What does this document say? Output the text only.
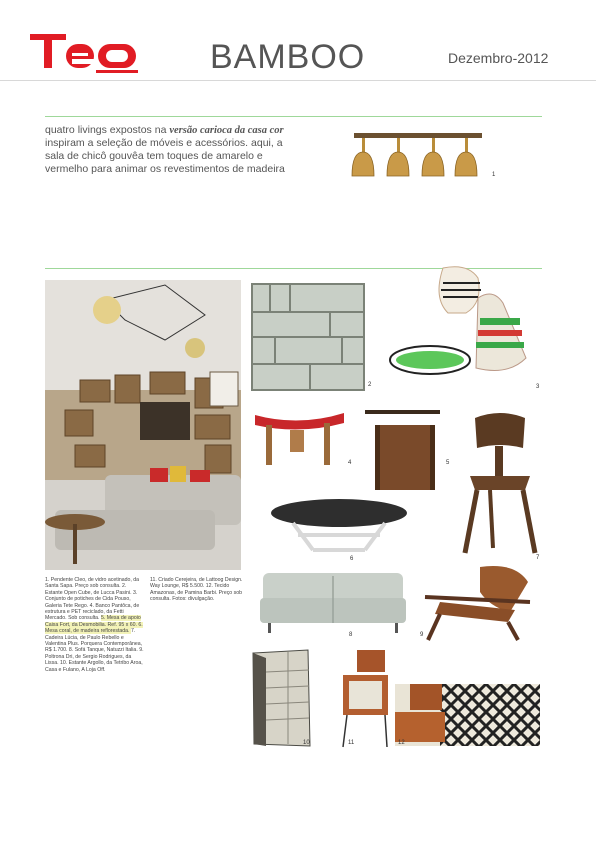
BAMBOO	Dezembro-2012
quatro livings expostos na versão carioca da casa cor inspiram a seleção de móveis e acessórios. aqui, a sala de chicô gouvêa tem toques de amarelo e vermelho para animar os revestimentos de madeira	1
2	3
4	5
7
6
8	9
10	11	12
1. Pendente Cleo, de vidro acetinado, da Santa Sapa. Preço sob consulta. 2. Estante Open Cube, de Lucca Pasini. 3. Conjunto de potiches de Cida Pouso, Galeria Tete Rego. 4. Banco Pantôca, de estrutura e PET reciclado, da Fetti Mercado. Sob consulta. 5. Mesa de apoio Caixa Fort, da Desmobilia. Ref. 95 x 60. 6. Mesa coral, de madeira reflorestada. 7. Cadeira Lúcia, de Paulo Rebello e Valentina Plus. Porquera Contemporânea, R$ 1.700. 8. Sofá Tanque, Natuzzi Italia. 9. Poltrona Dri, de Sergio Rodrigues, da Lissa. 10. Estante Argollo, da Tetribo Aroa, Casa e Fulano, A Loja Off.
11. Criado Cerejeira, de Lattoog Design. Way Lounge, R$ 5.500. 12. Tecido Amazonas, de Pamina Barbi. Preço sob consulta. Fotos: divulgação.
